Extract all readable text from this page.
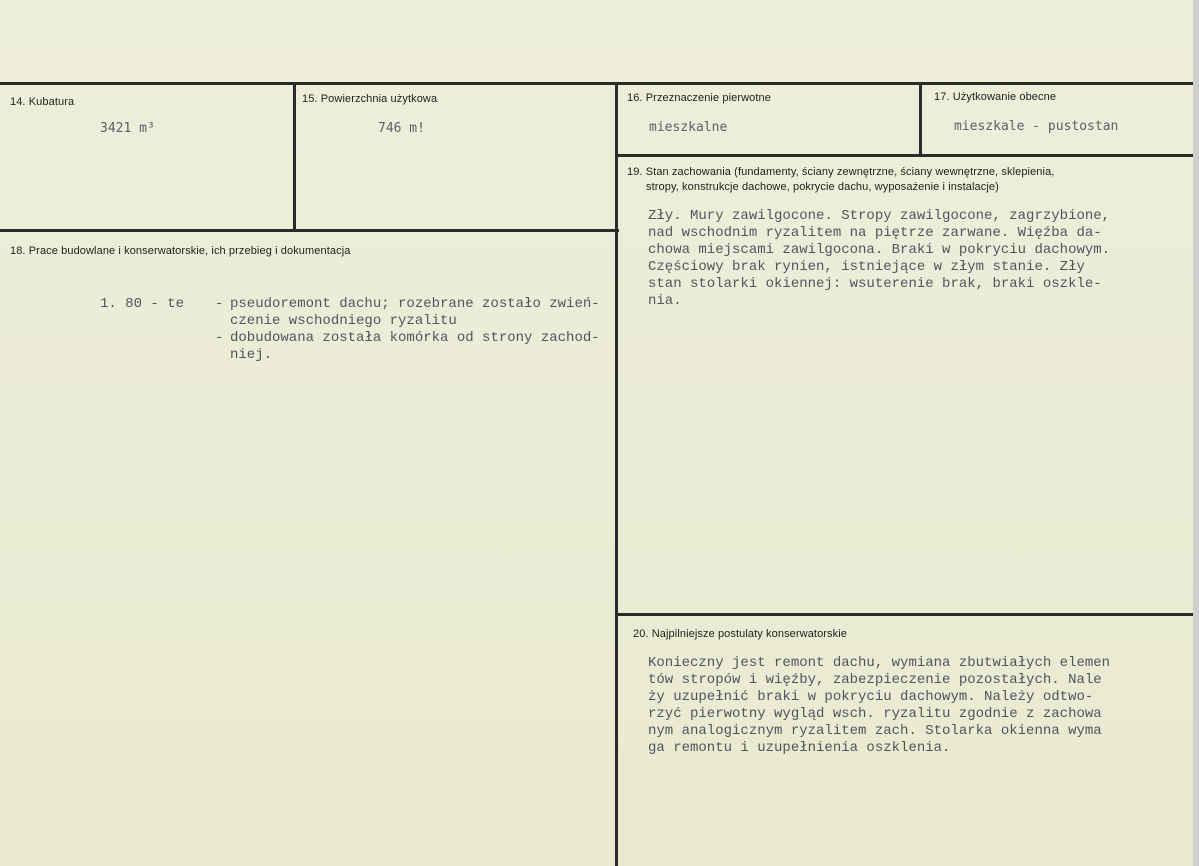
14. Kubatura
3421 m³
15. Powierzchnia użytkowa
746 m!
16. Przeznaczenie pierwotne
mieszkalne
17. Użytkowanie obecne
mieszkale - pustostan
18. Prace budowlane i konserwatorskie, ich przebieg i dokumentacja
1. 80 - te	- pseudoremont dachu; rozebrane zostało zwień-
czenie wschodniego ryzalitu
- dobudowana została komórka od strony zachod-
niej.
19. Stan zachowania (fundamenty, ściany zewnętrzne, ściany wewnętrzne, sklepienia,
stropy, konstrukcje dachowe, pokrycie dachu, wyposażenie i instalacje)
Zły. Mury zawilgocone. Stropy zawilgocone, zagrzybione,
nad wschodnim ryzalitem na piętrze zarwane. Więźba da-
chowa miejscami zawilgocona. Braki w pokryciu dachowym.
Częściowy brak rynien, istniejące w złym stanie. Zły
stan stolarki okiennej: wsuterenie brak, braki oszkle-
nia.
20. Najpilniejsze postulaty konserwatorskie
Konieczny jest remont dachu, wymiana zbutwiałych elemen
tów stropów i więźby, zabezpieczenie pozostałych. Nale
ży uzupełnić braki w pokryciu dachowym. Należy odtwo-
rzyć pierwotny wygląd wsch. ryzalitu zgodnie z zachowa
nym analogicznym ryzalitem zach. Stolarka okienna wyma
ga remontu i uzupełnienia oszklenia.
